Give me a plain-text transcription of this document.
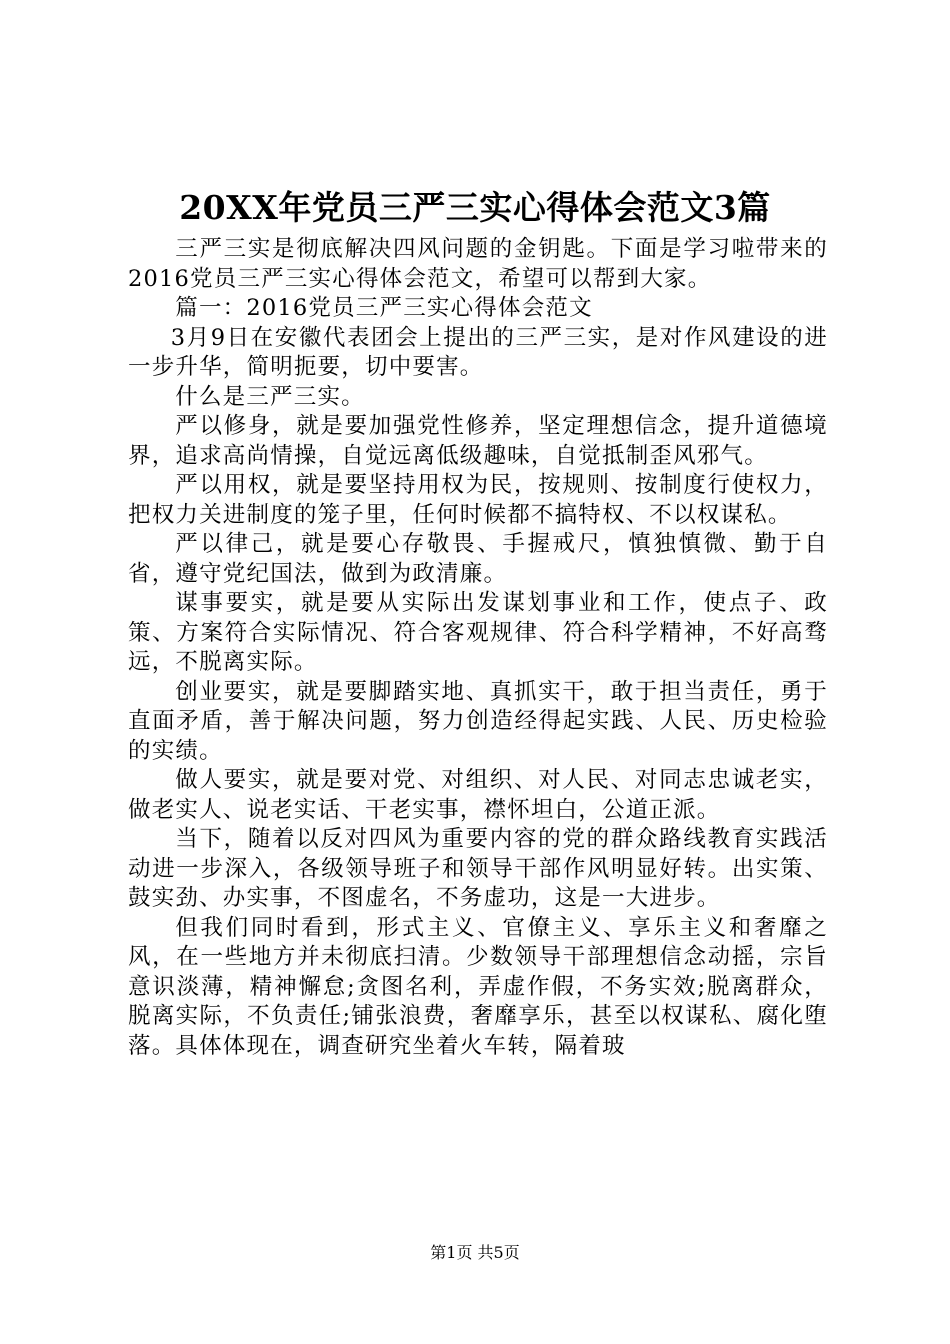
20XX年党员三严三实心得体会范文3篇

三严三实是彻底解决四风问题的金钥匙。下面是学习啦带来的2016党员三严三实心得体会范文，希望可以帮到大家。

篇一：2016党员三严三实心得体会范文

3月9日在安徽代表团会上提出的三严三实，是对作风建设的进一步升华，简明扼要，切中要害。

什么是三严三实。

严以修身，就是要加强党性修养，坚定理想信念，提升道德境界，追求高尚情操，自觉远离低级趣味，自觉抵制歪风邪气。

严以用权，就是要坚持用权为民，按规则、按制度行使权力，把权力关进制度的笼子里，任何时候都不搞特权、不以权谋私。

严以律己，就是要心存敬畏、手握戒尺，慎独慎微、勤于自省，遵守党纪国法，做到为政清廉。

谋事要实，就是要从实际出发谋划事业和工作，使点子、政策、方案符合实际情况、符合客观规律、符合科学精神，不好高骛远，不脱离实际。

创业要实，就是要脚踏实地、真抓实干，敢于担当责任，勇于直面矛盾，善于解决问题，努力创造经得起实践、人民、历史检验的实绩。

做人要实，就是要对党、对组织、对人民、对同志忠诚老实，做老实人、说老实话、干老实事，襟怀坦白，公道正派。

当下，随着以反对四风为重要内容的党的群众路线教育实践活动进一步深入，各级领导班子和领导干部作风明显好转。出实策、鼓实劲、办实事，不图虚名，不务虚功，这是一大进步。

但我们同时看到，形式主义、官僚主义、享乐主义和奢靡之风，在一些地方并未彻底扫清。少数领导干部理想信念动摇，宗旨意识淡薄，精神懈怠;贪图名利，弄虚作假，不务实效;脱离群众，脱离实际，不负责任;铺张浪费，奢靡享乐，甚至以权谋私、腐化堕落。具体体现在，调查研究坐着火车转，隔着玻

第1页 共5页
